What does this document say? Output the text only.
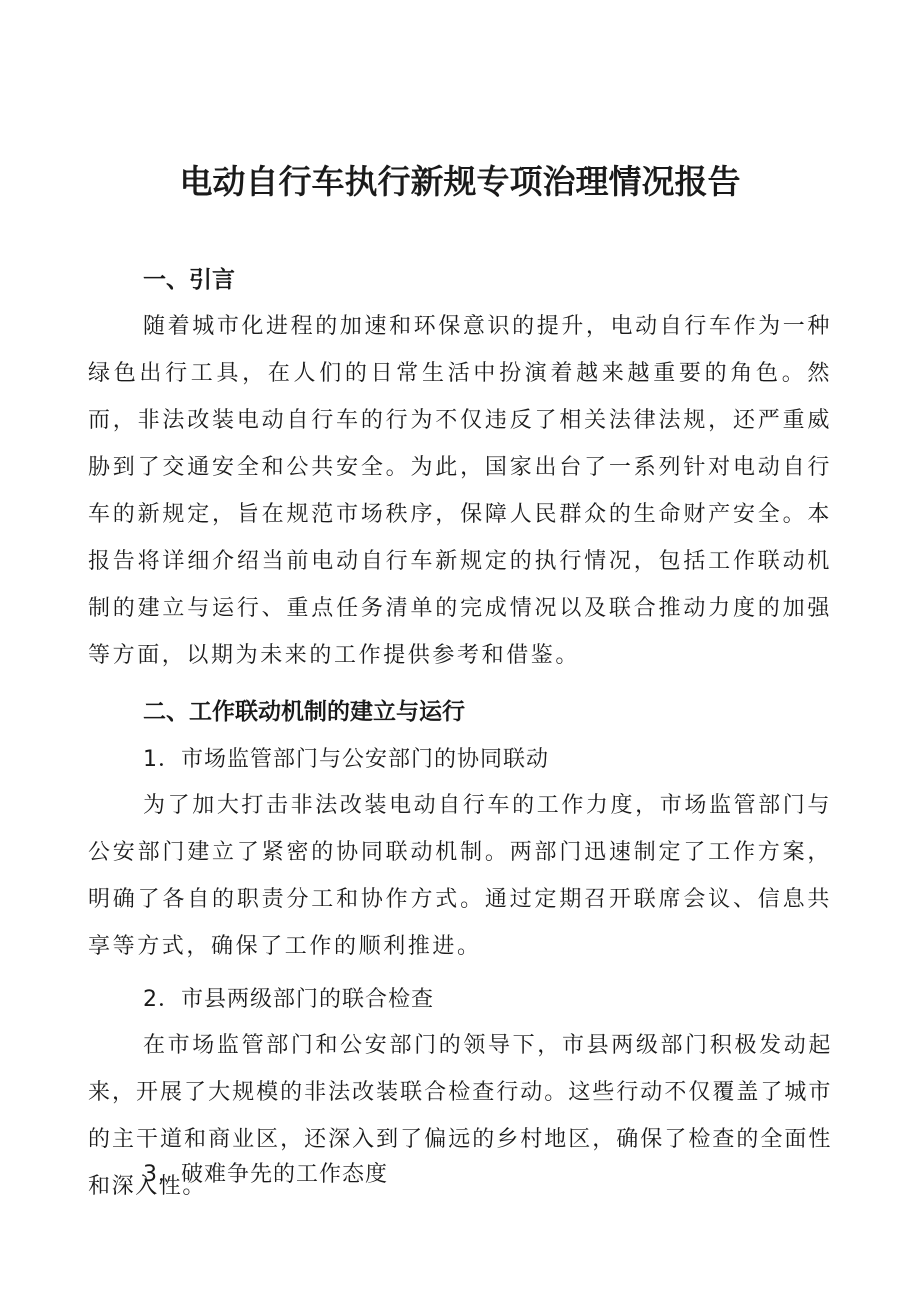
电动自行车执行新规专项治理情况报告
一、引言

随着城市化进程的加速和环保意识的提升，电动自行车作为一种绿色出行工具，在人们的日常生活中扮演着越来越重要的角色。然而，非法改装电动自行车的行为不仅违反了相关法律法规，还严重威胁到了交通安全和公共安全。为此，国家出台了一系列针对电动自行车的新规定，旨在规范市场秩序，保障人民群众的生命财产安全。本报告将详细介绍当前电动自行车新规定的执行情况，包括工作联动机制的建立与运行、重点任务清单的完成情况以及联合推动力度的加强等方面，以期为未来的工作提供参考和借鉴。

二、工作联动机制的建立与运行
1．市场监管部门与公安部门的协同联动

为了加大打击非法改装电动自行车的工作力度，市场监管部门与公安部门建立了紧密的协同联动机制。两部门迅速制定了工作方案，明确了各自的职责分工和协作方式。通过定期召开联席会议、信息共享等方式，确保了工作的顺利推进。

2．市县两级部门的联合检查

在市场监管部门和公安部门的领导下，市县两级部门积极发动起来，开展了大规模的非法改装联合检查行动。这些行动不仅覆盖了城市的主干道和商业区，还深入到了偏远的乡村地区，确保了检查的全面性和深入性。

3．破难争先的工作态度
